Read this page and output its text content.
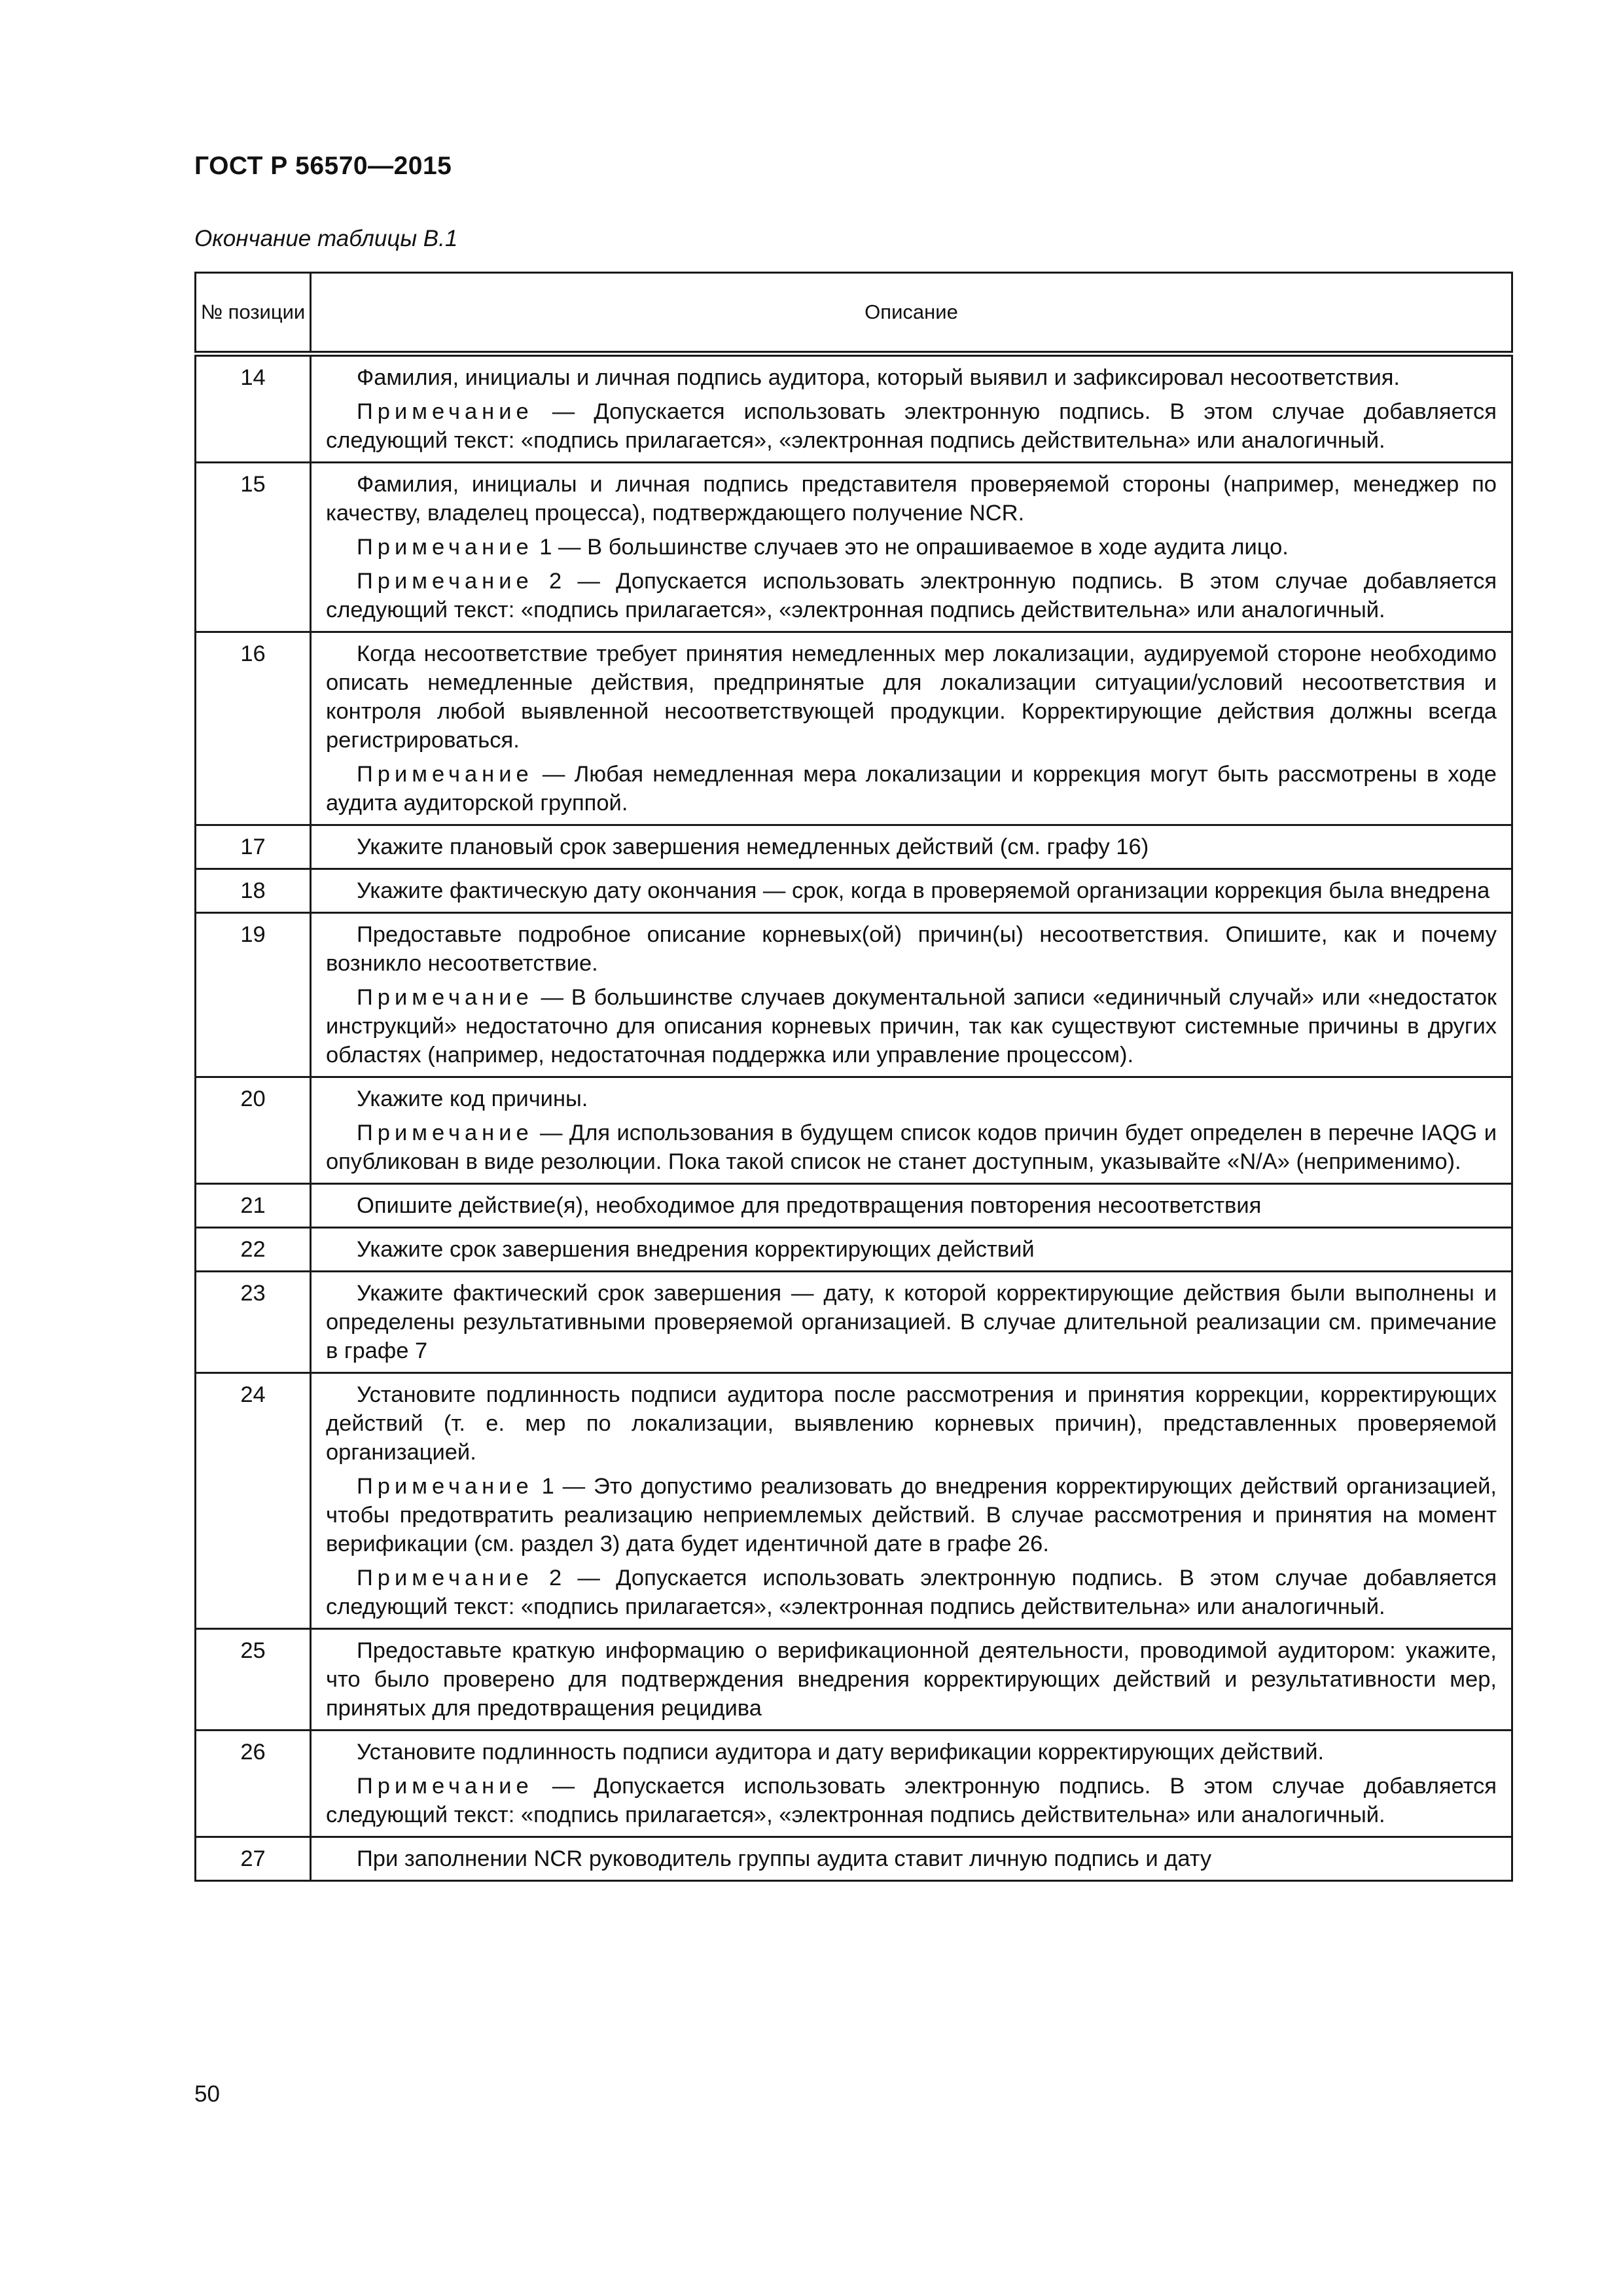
ГОСТ Р 56570—2015
Окончание таблицы В.1
№ позиции	Описание
14	Фамилия, инициалы и личная подпись аудитора, который выявил и зафиксировал несоответствия.

Примечание — Допускается использовать электронную подпись. В этом случае добавляется следующий текст: «подпись прилагается», «электронная подпись действительна» или аналогичный.

15	Фамилия, инициалы и личная подпись представителя проверяемой стороны (например, менеджер по качеству, владелец процесса), подтверждающего получение NCR.

Примечание 1 — В большинстве случаев это не опрашиваемое в ходе аудита лицо.

Примечание 2 — Допускается использовать электронную подпись. В этом случае добавляется следующий текст: «подпись прилагается», «электронная подпись действительна» или аналогичный.

16	Когда несоответствие требует принятия немедленных мер локализации, аудируемой стороне необходимо описать немедленные действия, предпринятые для локализации ситуации/условий несоответствия и контроля любой выявленной несоответствующей продукции. Корректирующие действия должны всегда регистрироваться.

Примечание — Любая немедленная мера локализации и коррекция могут быть рассмотрены в ходе аудита аудиторской группой.

17	Укажите плановый срок завершения немедленных действий (см. графу 16)

18	Укажите фактическую дату окончания — срок, когда в проверяемой организации коррекция была внедрена

19	Предоставьте подробное описание корневых(ой) причин(ы) несоответствия. Опишите, как и почему возникло несоответствие.

Примечание — В большинстве случаев документальной записи «единичный случай» или «недостаток инструкций» недостаточно для описания корневых причин, так как существуют системные причины в других областях (например, недостаточная поддержка или управление процессом).

20	Укажите код причины.

Примечание — Для использования в будущем список кодов причин будет определен в перечне IAQG и опубликован в виде резолюции. Пока такой список не станет доступным, указывайте «N/A» (неприменимо).

21	Опишите действие(я), необходимое для предотвращения повторения несоответствия

22	Укажите срок завершения внедрения корректирующих действий

23	Укажите фактический срок завершения — дату, к которой корректирующие действия были выполнены и определены результативными проверяемой организацией. В случае длительной реализации см. примечание в графе 7

24	Установите подлинность подписи аудитора после рассмотрения и принятия коррекции, корректирующих действий (т. е. мер по локализации, выявлению корневых причин), представленных проверяемой организацией.

Примечание 1 — Это допустимо реализовать до внедрения корректирующих действий организацией, чтобы предотвратить реализацию неприемлемых действий. В случае рассмотрения и принятия на момент верификации (см. раздел 3) дата будет идентичной дате в графе 26.

Примечание 2 — Допускается использовать электронную подпись. В этом случае добавляется следующий текст: «подпись прилагается», «электронная подпись действительна» или аналогичный.

25	Предоставьте краткую информацию о верификационной деятельности, проводимой аудитором: укажите, что было проверено для подтверждения внедрения корректирующих действий и результативности мер, принятых для предотвращения рецидива

26	Установите подлинность подписи аудитора и дату верификации корректирующих действий.

Примечание — Допускается использовать электронную подпись. В этом случае добавляется следующий текст: «подпись прилагается», «электронная подпись действительна» или аналогичный.

27	При заполнении NCR руководитель группы аудита ставит личную подпись и дату

50
